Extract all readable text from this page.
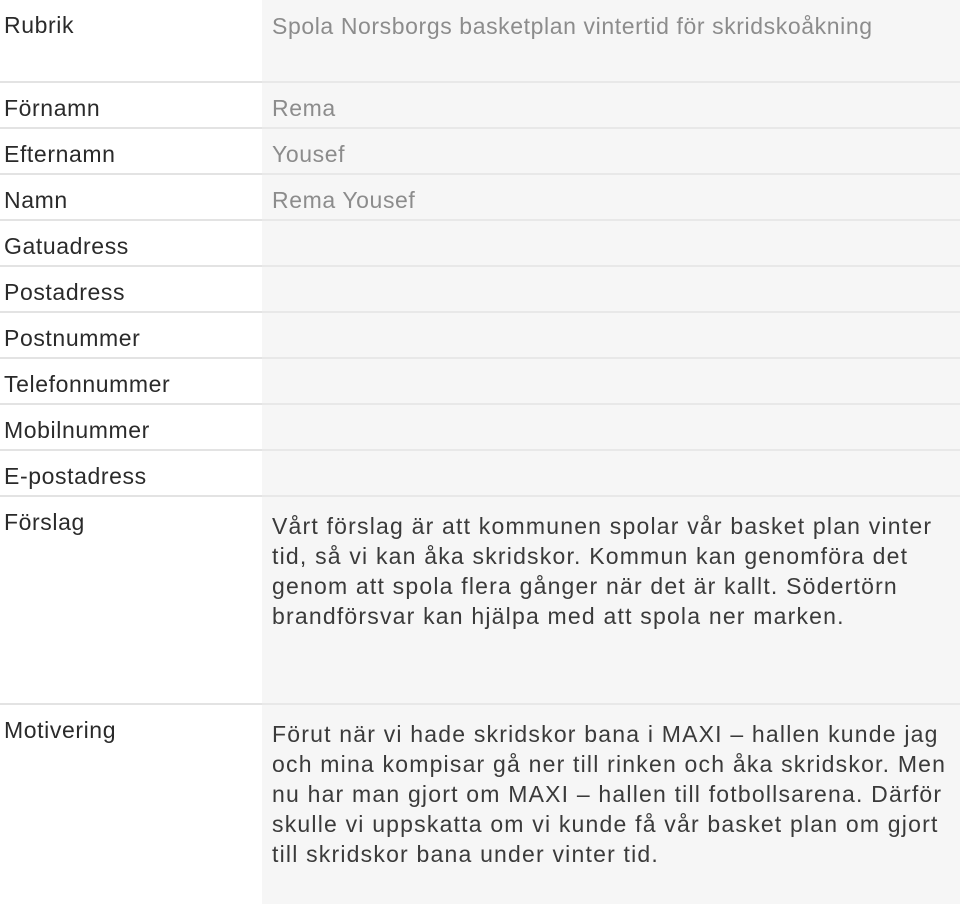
Rubrik	Spola Norsborgs basketplan vintertid för skridskoåkning
Förnamn	Rema
Efternamn	Yousef
Namn	Rema Yousef
Gatuadress	
Postadress	
Postnummer	
Telefonnummer	
Mobilnummer	
E-postadress	
Förslag	Vårt förslag är att kommunen spolar vår basket plan vinter tid, så vi kan åka skridskor. Kommun kan genomföra det genom att spola flera gånger när det är kallt. Södertörn brandförsvar kan hjälpa med att spola ner marken.
Motivering	Förut när vi hade skridskor bana i MAXI – hallen kunde jag och mina kompisar gå ner till rinken och åka skridskor. Men nu har man gjort om MAXI – hallen till fotbollsarena. Därför skulle vi uppskatta om vi kunde få vår basket plan om gjort till skridskor bana under vinter tid.
